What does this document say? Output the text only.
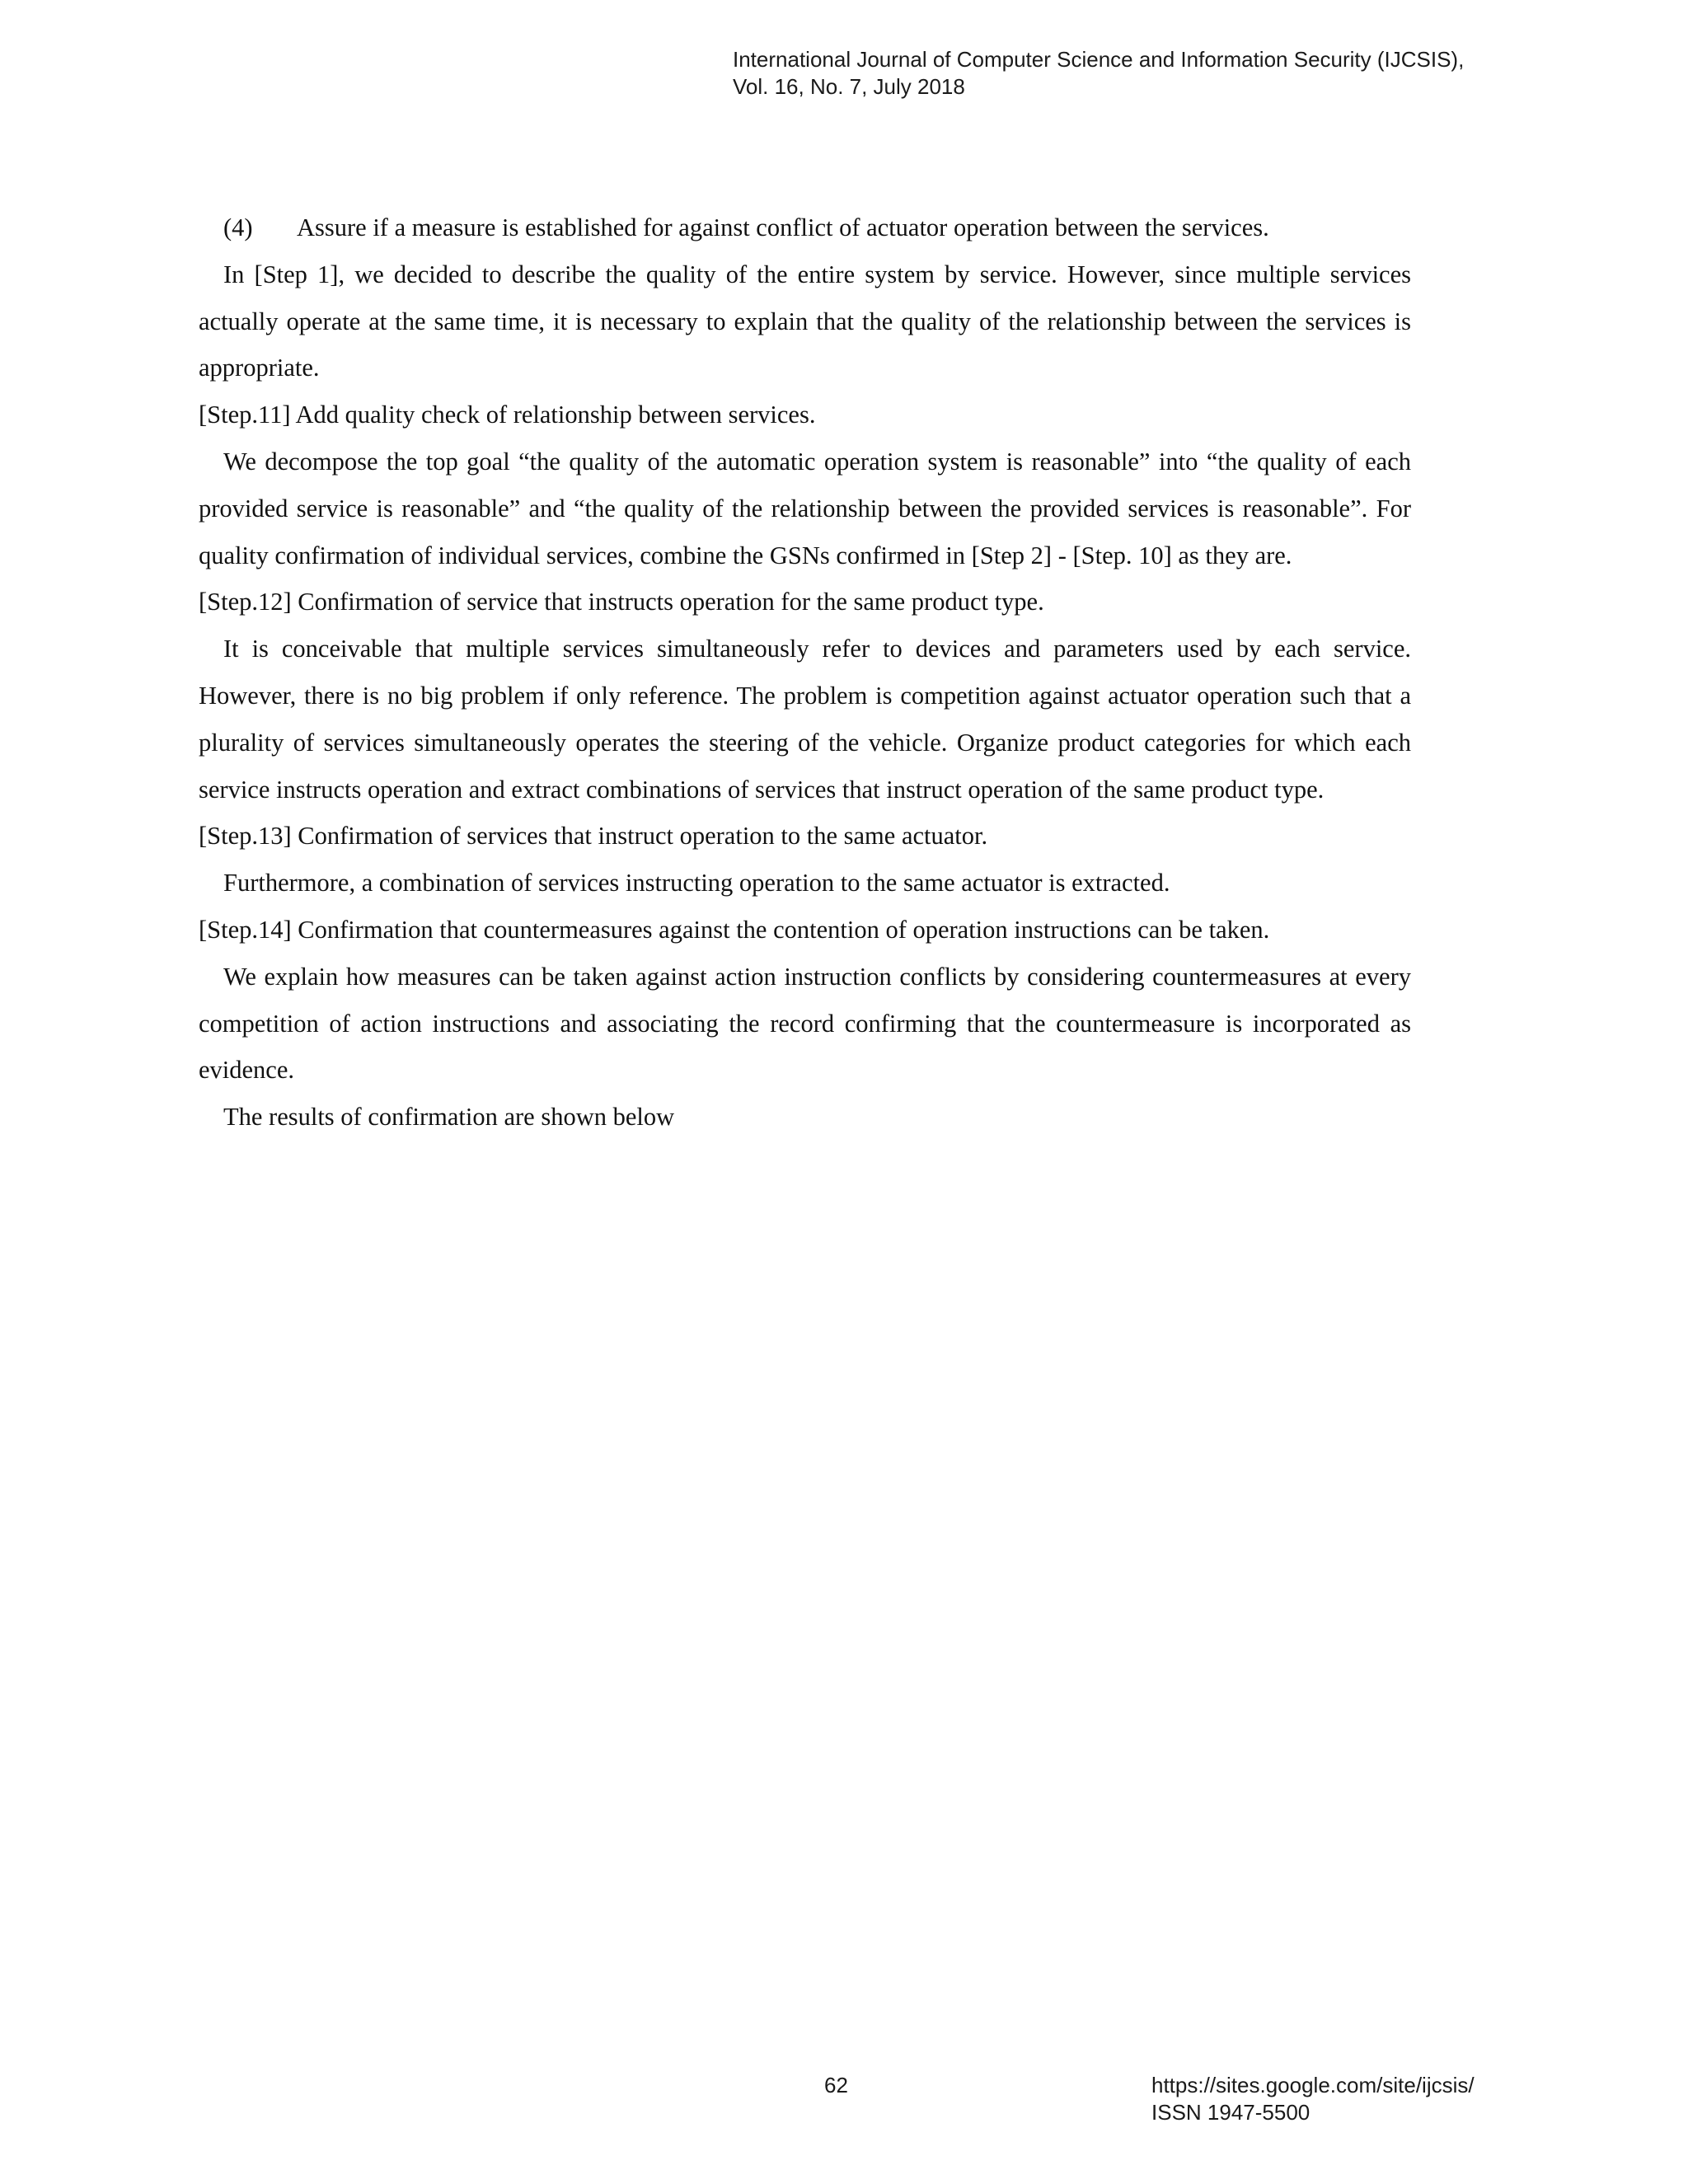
International Journal of Computer Science and Information Security (IJCSIS),
Vol. 16, No. 7, July 2018

(4) Assure if a measure is established for against conflict of actuator operation between the services.

In [Step 1], we decided to describe the quality of the entire system by service. However, since multiple services actually operate at the same time, it is necessary to explain that the quality of the relationship between the services is appropriate.

[Step.11] Add quality check of relationship between services.

We decompose the top goal “the quality of the automatic operation system is reasonable” into “the quality of each provided service is reasonable” and “the quality of the relationship between the provided services is reasonable”. For quality confirmation of individual services, combine the GSNs confirmed in [Step 2] - [Step. 10] as they are.

[Step.12] Confirmation of service that instructs operation for the same product type.

It is conceivable that multiple services simultaneously refer to devices and parameters used by each service. However, there is no big problem if only reference. The problem is competition against actuator operation such that a plurality of services simultaneously operates the steering of the vehicle. Organize product categories for which each service instructs operation and extract combinations of services that instruct operation of the same product type.

[Step.13] Confirmation of services that instruct operation to the same actuator.

Furthermore, a combination of services instructing operation to the same actuator is extracted.

[Step.14] Confirmation that countermeasures against the contention of operation instructions can be taken.

We explain how measures can be taken against action instruction conflicts by considering countermeasures at every competition of action instructions and associating the record confirming that the countermeasure is incorporated as evidence.

The results of confirmation are shown below

62	https://sites.google.com/site/ijcsis/
ISSN 1947-5500
